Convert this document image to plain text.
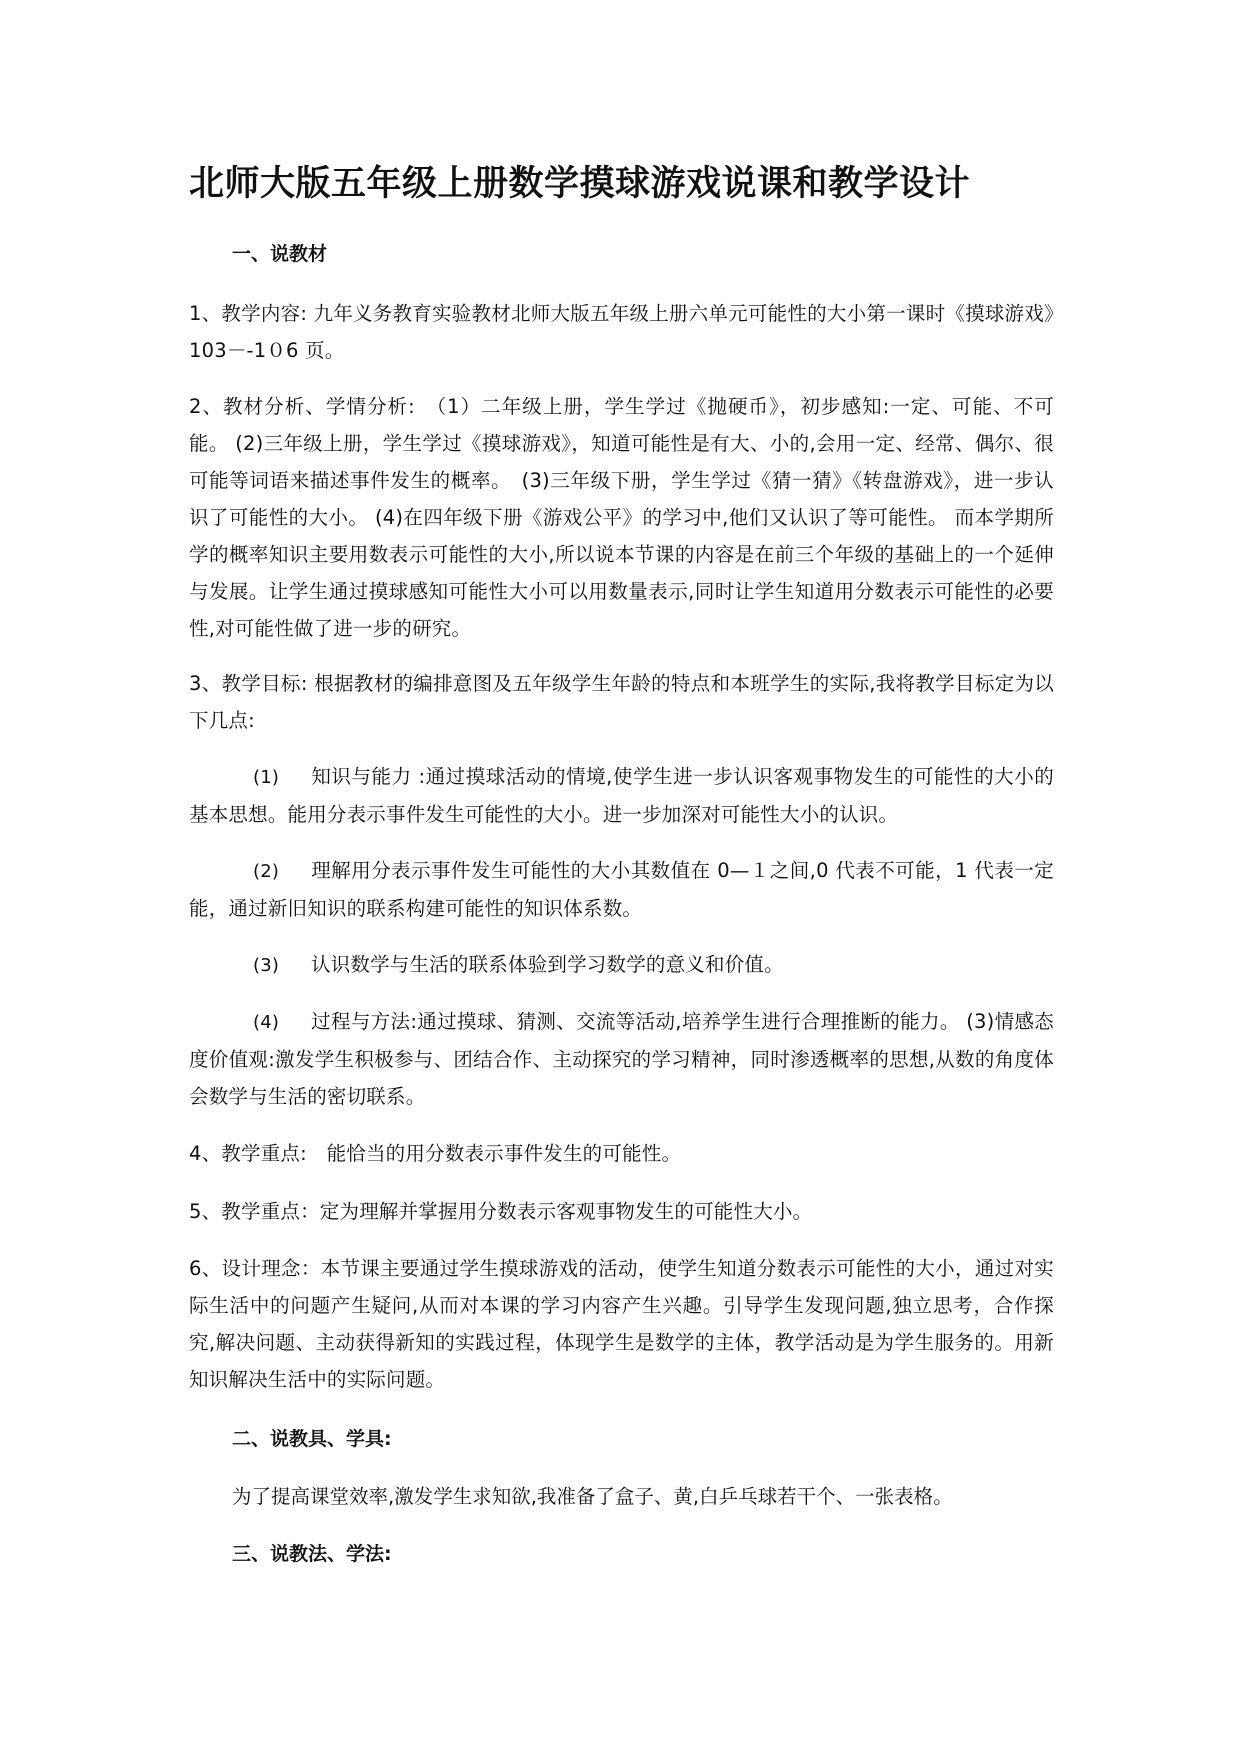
北师大版五年级上册数学摸球游戏说课和教学设计
一、说教材

1、教学内容: 九年义务教育实验教材北师大版五年级上册六单元可能性的大小第一课时《摸球游戏》103－-1０6 页。

2、教材分析、学情分析:　（1）二年级上册，学生学过《抛硬币》，初步感知:一定、可能、不可能。 (2)三年级上册，学生学过《摸球游戏》，知道可能性是有大、小的,会用一定、经常、偶尔、很可能等词语来描述事件发生的概率。　(3)三年级下册，学生学过《猜一猜》《转盘游戏》，进一步认识了可能性的大小。 (4)在四年级下册《游戏公平》的学习中,他们又认识了等可能性。 而本学期所学的概率知识主要用数表示可能性的大小,所以说本节课的内容是在前三个年级的基础上的一个延伸与发展。让学生通过摸球感知可能性大小可以用数量表示,同时让学生知道用分数表示可能性的必要性,对可能性做了进一步的研究。

3、教学目标: 根据教材的编排意图及五年级学生年龄的特点和本班学生的实际,我将教学目标定为以下几点:

(1) 知识与能力 :通过摸球活动的情境,使学生进一步认识客观事物发生的可能性的大小的基本思想。能用分表示事件发生可能性的大小。进一步加深对可能性大小的认识。

(2) 理解用分表示事件发生可能性的大小其数值在 0—１之间,0 代表不可能，1 代表一定能，通过新旧知识的联系构建可能性的知识体系数。

(3) 认识数学与生活的联系体验到学习数学的意义和价值。

(4) 过程与方法:通过摸球、猜测、交流等活动,培养学生进行合理推断的能力。 (3)情感态度价值观:激发学生积极参与、团结合作、主动探究的学习精神，同时渗透概率的思想,从数的角度体会数学与生活的密切联系。

4、教学重点:　能恰当的用分数表示事件发生的可能性。

5、教学重点：定为理解并掌握用分数表示客观事物发生的可能性大小。

6、设计理念：本节课主要通过学生摸球游戏的活动，使学生知道分数表示可能性的大小，通过对实际生活中的问题产生疑问,从而对本课的学习内容产生兴趣。引导学生发现问题,独立思考，合作探究,解决问题、主动获得新知的实践过程，体现学生是数学的主体，教学活动是为学生服务的。用新知识解决生活中的实际问题。

二、说教具、学具:

为了提高课堂效率,激发学生求知欲,我准备了盒子、黄,白乒乓球若干个、一张表格。

三、说教法、学法:
